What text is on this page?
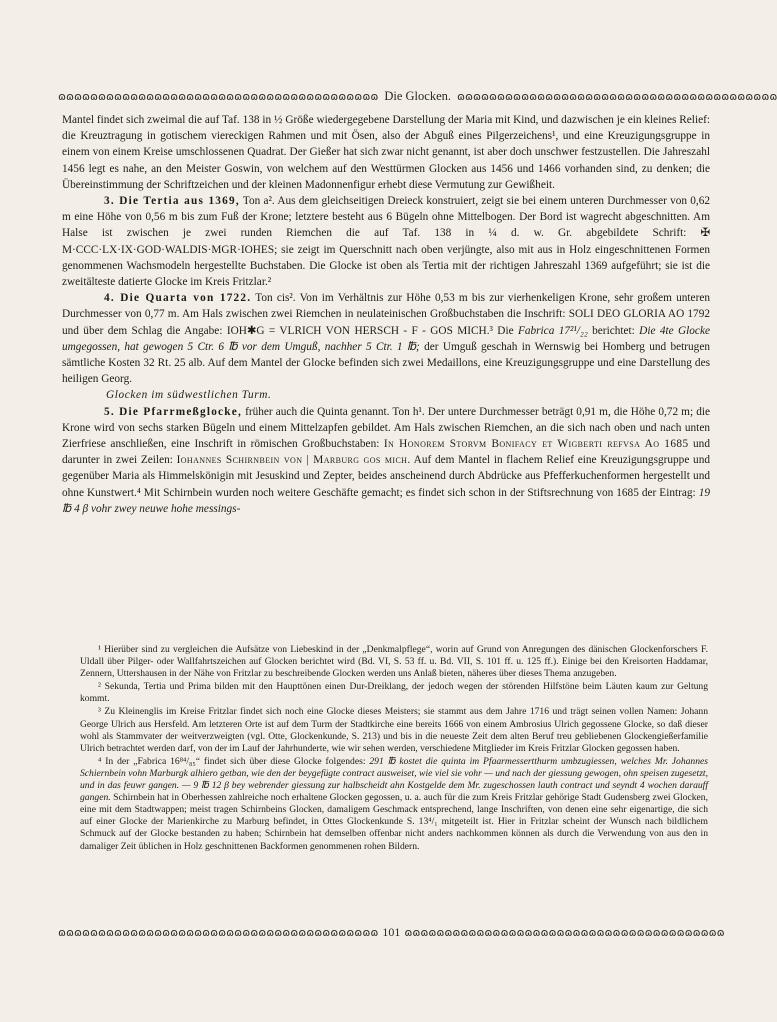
ɷɷɷɷɷɷɷɷɷɷɷɷɷɷɷɷɷɷɷɷɷɷɷɷɷɷɷɷɷɷɷɷɷɷɷɷɷɷɷɷ Die Glocken. ɷɷɷɷɷɷɷɷɷɷɷɷɷɷɷɷɷɷɷɷɷɷɷɷɷɷɷɷɷɷɷɷɷɷɷɷɷɷɷɷ

Mantel findet sich zweimal die auf Taf. 138 in ½ Größe wiedergegebene Darstellung der Maria mit Kind, und dazwischen je ein kleines Relief: die Kreuztragung in gotischem viereckigen Rahmen und mit Ösen, also der Abguß eines Pilgerzeichens¹, und eine Kreuzigungsgruppe in einem von einem Kreise umschlossenen Quadrat. Der Gießer hat sich zwar nicht genannt, ist aber doch unschwer festzustellen. Die Jahreszahl 1456 legt es nahe, an den Meister Goswin, von welchem auf den Westtürmen Glocken aus 1456 und 1466 vorhanden sind, zu denken; die Übereinstimmung der Schriftzeichen und der kleinen Madonnenfigur erhebt diese Vermutung zur Gewißheit.

3. Die Tertia aus 1369, Ton a². Aus dem gleichseitigen Dreieck konstruiert, zeigt sie bei einem unteren Durchmesser von 0,62 m eine Höhe von 0,56 m bis zum Fuß der Krone; letztere besteht aus 6 Bügeln ohne Mittelbogen. Der Bord ist wagrecht abgeschnitten. Am Halse ist zwischen je zwei runden Riemchen die auf Taf. 138 in ¼ d. w. Gr. abgebildete Schrift: ✠ M·CCC·LX·IX·GOD·WALDIS·MGR·IOHES; sie zeigt im Querschnitt nach oben verjüngte, also mit aus in Holz eingeschnittenen Formen genommenen Wachsmodeln hergestellte Buchstaben. Die Glocke ist oben als Tertia mit der richtigen Jahreszahl 1369 aufgeführt; sie ist die zweitälteste datierte Glocke im Kreis Fritzlar.²

4. Die Quarta von 1722. Ton cis². Von im Verhältnis zur Höhe 0,53 m bis zur vierhenkeligen Krone, sehr großem unteren Durchmesser von 0,77 m. Am Hals zwischen zwei Riemchen in neulateinischen Großbuchstaben die Inschrift: SOLI DEO GLORIA AO 1792 und über dem Schlag die Angabe: IOH✱G = VLRICH VON HERSCH - F - GOS MICH.³ Die Fabrica 17²¹/₂₂ berichtet: Die 4te Glocke umgegossen, hat gewogen 5 Ctr. 6 ℔ vor dem Umguß, nachher 5 Ctr. 1 ℔; der Umguß geschah in Wernswig bei Homberg und betrugen sämtliche Kosten 32 Rt. 25 alb. Auf dem Mantel der Glocke befinden sich zwei Medaillons, eine Kreuzigungsgruppe und eine Darstellung des heiligen Georg.

Glocken im südwestlichen Turm.

5. Die Pfarrmeßglocke, früher auch die Quinta genannt. Ton h¹. Der untere Durchmesser beträgt 0,91 m, die Höhe 0,72 m; die Krone wird von sechs starken Bügeln und einem Mittelzapfen gebildet. Am Hals zwischen Riemchen, an die sich nach oben und nach unten Zierfriese anschließen, eine Inschrift in römischen Großbuchstaben: In Honorem Storvm Bonifacy et Wigberti refvsa Ao 1685 und darunter in zwei Zeilen: Iohannes Schirnbein von | Marburg gos mich. Auf dem Mantel in flachem Relief eine Kreuzigungsgruppe und gegenüber Maria als Himmelskönigin mit Jesuskind und Zepter, beides anscheinend durch Abdrücke aus Pfefferkuchenformen hergestellt und ohne Kunstwert.⁴ Mit Schirnbein wurden noch weitere Geschäfte gemacht; es findet sich schon in der Stiftsrechnung von 1685 der Eintrag: 19 ℔ 4 β vohr zwey neuwe hohe messings-

¹ Hierüber sind zu vergleichen die Aufsätze von Liebeskind in der „Denkmalpflege“, worin auf Grund von Anregungen des dänischen Glockenforschers F. Uldall über Pilger- oder Wallfahrtszeichen auf Glocken berichtet wird (Bd. VI, S. 53 ff. u. Bd. VII, S. 101 ff. u. 125 ff.). Einige bei den Kreisorten Haddamar, Zennern, Uttershausen in der Nähe von Fritzlar zu beschreibende Glocken werden uns Anlaß bieten, näheres über dieses Thema anzugeben.

² Sekunda, Tertia und Prima bilden mit den Haupttönen einen Dur-Dreiklang, der jedoch wegen der störenden Hilfstöne beim Läuten kaum zur Geltung kommt.

³ Zu Kleinenglis im Kreise Fritzlar findet sich noch eine Glocke dieses Meisters; sie stammt aus dem Jahre 1716 und trägt seinen vollen Namen: Johann George Ulrich aus Hersfeld. Am letzteren Orte ist auf dem Turm der Stadtkirche eine bereits 1666 von einem Ambrosius Ulrich gegossene Glocke, so daß dieser wohl als Stammvater der weitverzweigten (vgl. Otte, Glockenkunde, S. 213) und bis in die neueste Zeit dem alten Beruf treu gebliebenen Glockengießerfamilie Ulrich betrachtet werden darf, von der im Lauf der Jahrhunderte, wie wir sehen werden, verschiedene Mitglieder im Kreis Fritzlar Glocken gegossen haben.

⁴ In der „Fabrica 16⁸⁴/₈₅“ findet sich über diese Glocke folgendes: 291 ℔ kostet die quinta im Pfaarmessertthurm umbzugiessen, welches Mr. Johannes Schiernbein vohn Marburgk alhiero getban, wie den der beygefügte contract ausweiset, wie viel sie vohr — und nach der giessung gewogen, ohn speisen zugesetzt, und in das feuwr gangen. — 9 ℔ 12 β bey webrender giessung zur halbscheidt ahn Kostgelde dem Mr. zugeschossen lauth contract und seyndt 4 wochen darauff gangen. Schirnbein hat in Oberhessen zahlreiche noch erhaltene Glocken gegossen, u. a. auch für die zum Kreis Fritzlar gehörige Stadt Gudensberg zwei Glocken, eine mit dem Stadtwappen; meist tragen Schirnbeins Glocken, damaligem Geschmack entsprechend, lange Inschriften, von denen eine sehr eigenartige, die sich auf einer Glocke der Marienkirche zu Marburg befindet, in Ottes Glockenkunde S. 13⁴/₁ mitgeteilt ist. Hier in Fritzlar scheint der Wunsch nach bildlichem Schmuck auf der Glocke bestanden zu haben; Schirnbein hat demselben offenbar nicht anders nachkommen können als durch die Verwendung von aus den in damaliger Zeit üblichen in Holz geschnittenen Backformen genommenen rohen Bildern.

ɷɷɷɷɷɷɷɷɷɷɷɷɷɷɷɷɷɷɷɷɷɷɷɷɷɷɷɷɷɷɷɷɷɷɷɷɷɷɷɷ 101 ɷɷɷɷɷɷɷɷɷɷɷɷɷɷɷɷɷɷɷɷɷɷɷɷɷɷɷɷɷɷɷɷɷɷɷɷɷɷɷɷ
